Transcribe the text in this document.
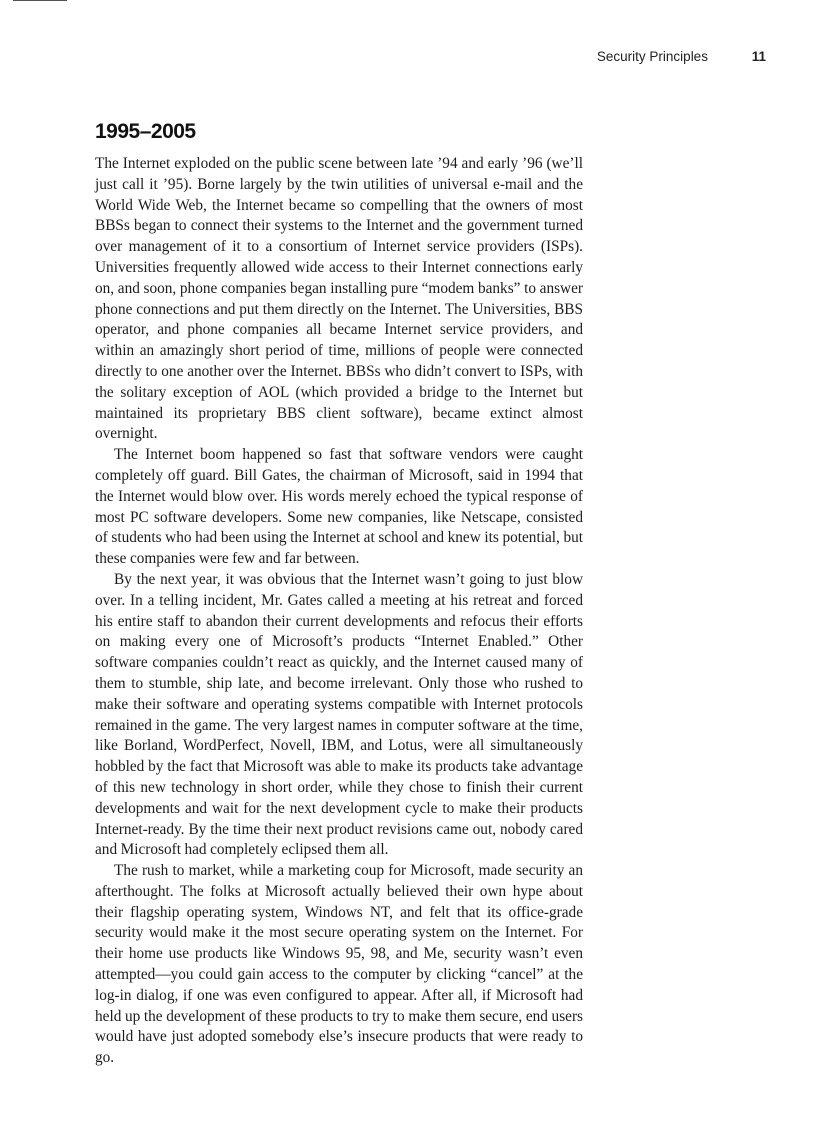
Security Principles	11
1995–2005

The Internet exploded on the public scene between late ’94 and early ’96 (we’ll just call it ’95). Borne largely by the twin utilities of universal e-mail and the World Wide Web, the Internet became so compelling that the owners of most BBSs began to connect their systems to the Internet and the government turned over management of it to a consortium of Internet service providers (ISPs). Universities frequently allowed wide access to their Internet connections early on, and soon, phone companies began installing pure “modem banks” to answer phone connections and put them directly on the Internet. The Universities, BBS operator, and phone companies all became Internet service providers, and within an amazingly short period of time, millions of people were connected directly to one another over the Internet. BBSs who didn’t convert to ISPs, with the solitary exception of AOL (which provided a bridge to the Internet but maintained its proprietary BBS client software), became extinct almost overnight.

The Internet boom happened so fast that software vendors were caught completely off guard. Bill Gates, the chairman of Microsoft, said in 1994 that the Internet would blow over. His words merely echoed the typical response of most PC software developers. Some new companies, like Netscape, consisted of students who had been using the Internet at school and knew its potential, but these companies were few and far between.

By the next year, it was obvious that the Internet wasn’t going to just blow over. In a telling incident, Mr. Gates called a meeting at his retreat and forced his entire staff to abandon their current developments and refocus their efforts on making every one of Microsoft’s products “Internet Enabled.” Other software companies couldn’t react as quickly, and the Internet caused many of them to stumble, ship late, and become irrelevant. Only those who rushed to make their software and operating systems compatible with Internet protocols remained in the game. The very largest names in computer software at the time, like Borland, WordPerfect, Novell, IBM, and Lotus, were all simultaneously hobbled by the fact that Microsoft was able to make its products take advantage of this new technology in short order, while they chose to finish their current developments and wait for the next development cycle to make their products Internet-ready. By the time their next product revisions came out, nobody cared and Microsoft had completely eclipsed them all.

The rush to market, while a marketing coup for Microsoft, made security an afterthought. The folks at Microsoft actually believed their own hype about their flagship operating system, Windows NT, and felt that its office-grade security would make it the most secure operating system on the Internet. For their home use products like Windows 95, 98, and Me, security wasn’t even attempted—you could gain access to the computer by clicking “cancel” at the log-in dialog, if one was even configured to appear. After all, if Microsoft had held up the development of these products to try to make them secure, end users would have just adopted somebody else’s insecure products that were ready to go.
